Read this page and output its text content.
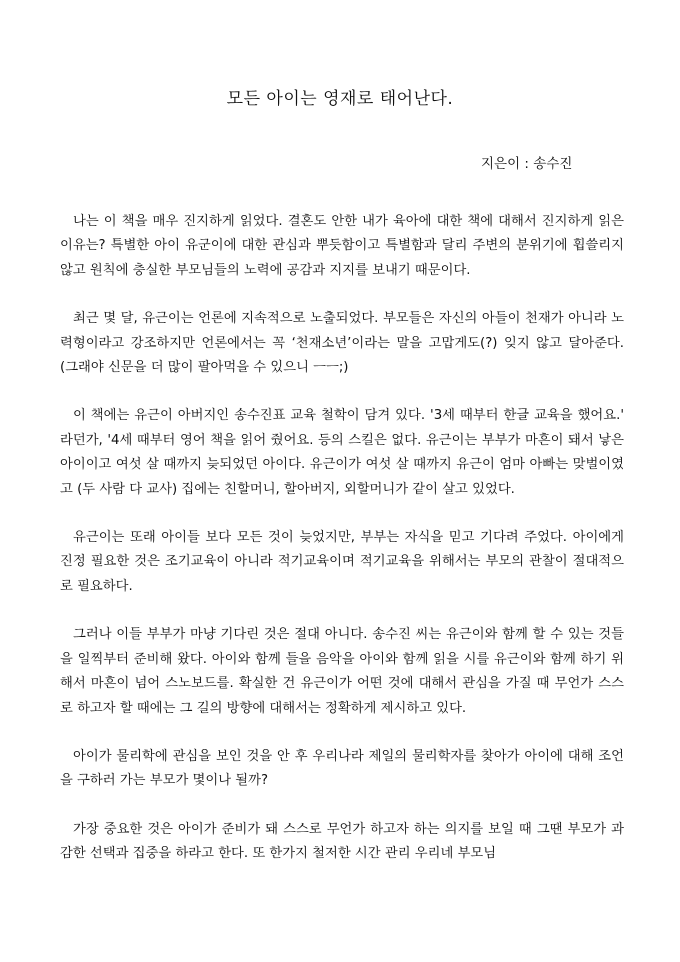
모든 아이는 영재로 태어난다.
지은이 : 송수진

나는 이 책을 매우 진지하게 읽었다. 결혼도 안한 내가 육아에 대한 책에 대해서 진지하게 읽은 이유는? 특별한 아이 유군이에 대한 관심과 뿌듯함이고 특별함과 달리 주변의 분위기에 휩쓸리지 않고 원칙에 충실한 부모님들의 노력에 공감과 지지를 보내기 때문이다.

최근 몇 달, 유근이는 언론에 지속적으로 노출되었다. 부모들은 자신의 아들이 천재가 아니라 노력형이라고 강조하지만 언론에서는 꼭 ‘천재소년’이라는 말을 고맙게도(?) 잊지 않고 달아준다. (그래야 신문을 더 많이 팔아먹을 수 있으니 ㅡㅡ;)

이 책에는 유근이 아버지인 송수진표 교육 철학이 담겨 있다. '3세 때부터 한글 교육을 했어요.' 라던가, '4세 때부터 영어 책을 읽어 줬어요. 등의 스킬은 없다. 유근이는 부부가 마흔이 돼서 낳은 아이이고 여섯 살 때까지 늦되었던 아이다. 유근이가 여섯 살 때까지 유근이 엄마 아빠는 맞벌이였고 (두 사람 다 교사) 집에는 친할머니, 할아버지, 외할머니가 같이 살고 있었다.

유근이는 또래 아이들 보다 모든 것이 늦었지만, 부부는 자식을 믿고 기다려 주었다. 아이에게 진정 필요한 것은 조기교육이 아니라 적기교육이며 적기교육을 위해서는 부모의 관찰이 절대적으로 필요하다.

그러나 이들 부부가 마냥 기다린 것은 절대 아니다. 송수진 씨는 유근이와 함께 할 수 있는 것들을 일찍부터 준비해 왔다. 아이와 함께 들을 음악을 아이와 함께 읽을 시를 유근이와 함께 하기 위해서 마흔이 넘어 스노보드를. 확실한 건 유근이가 어떤 것에 대해서 관심을 가질 때 무언가 스스로 하고자 할 때에는 그 길의 방향에 대해서는 정확하게 제시하고 있다.

아이가 물리학에 관심을 보인 것을 안 후 우리나라 제일의 물리학자를 찾아가 아이에 대해 조언을 구하러 가는 부모가 몇이나 될까?

가장 중요한 것은 아이가 준비가 돼 스스로 무언가 하고자 하는 의지를 보일 때 그땐 부모가 과감한 선택과 집중을 하라고 한다. 또 한가지 철저한 시간 관리 우리네 부모님
